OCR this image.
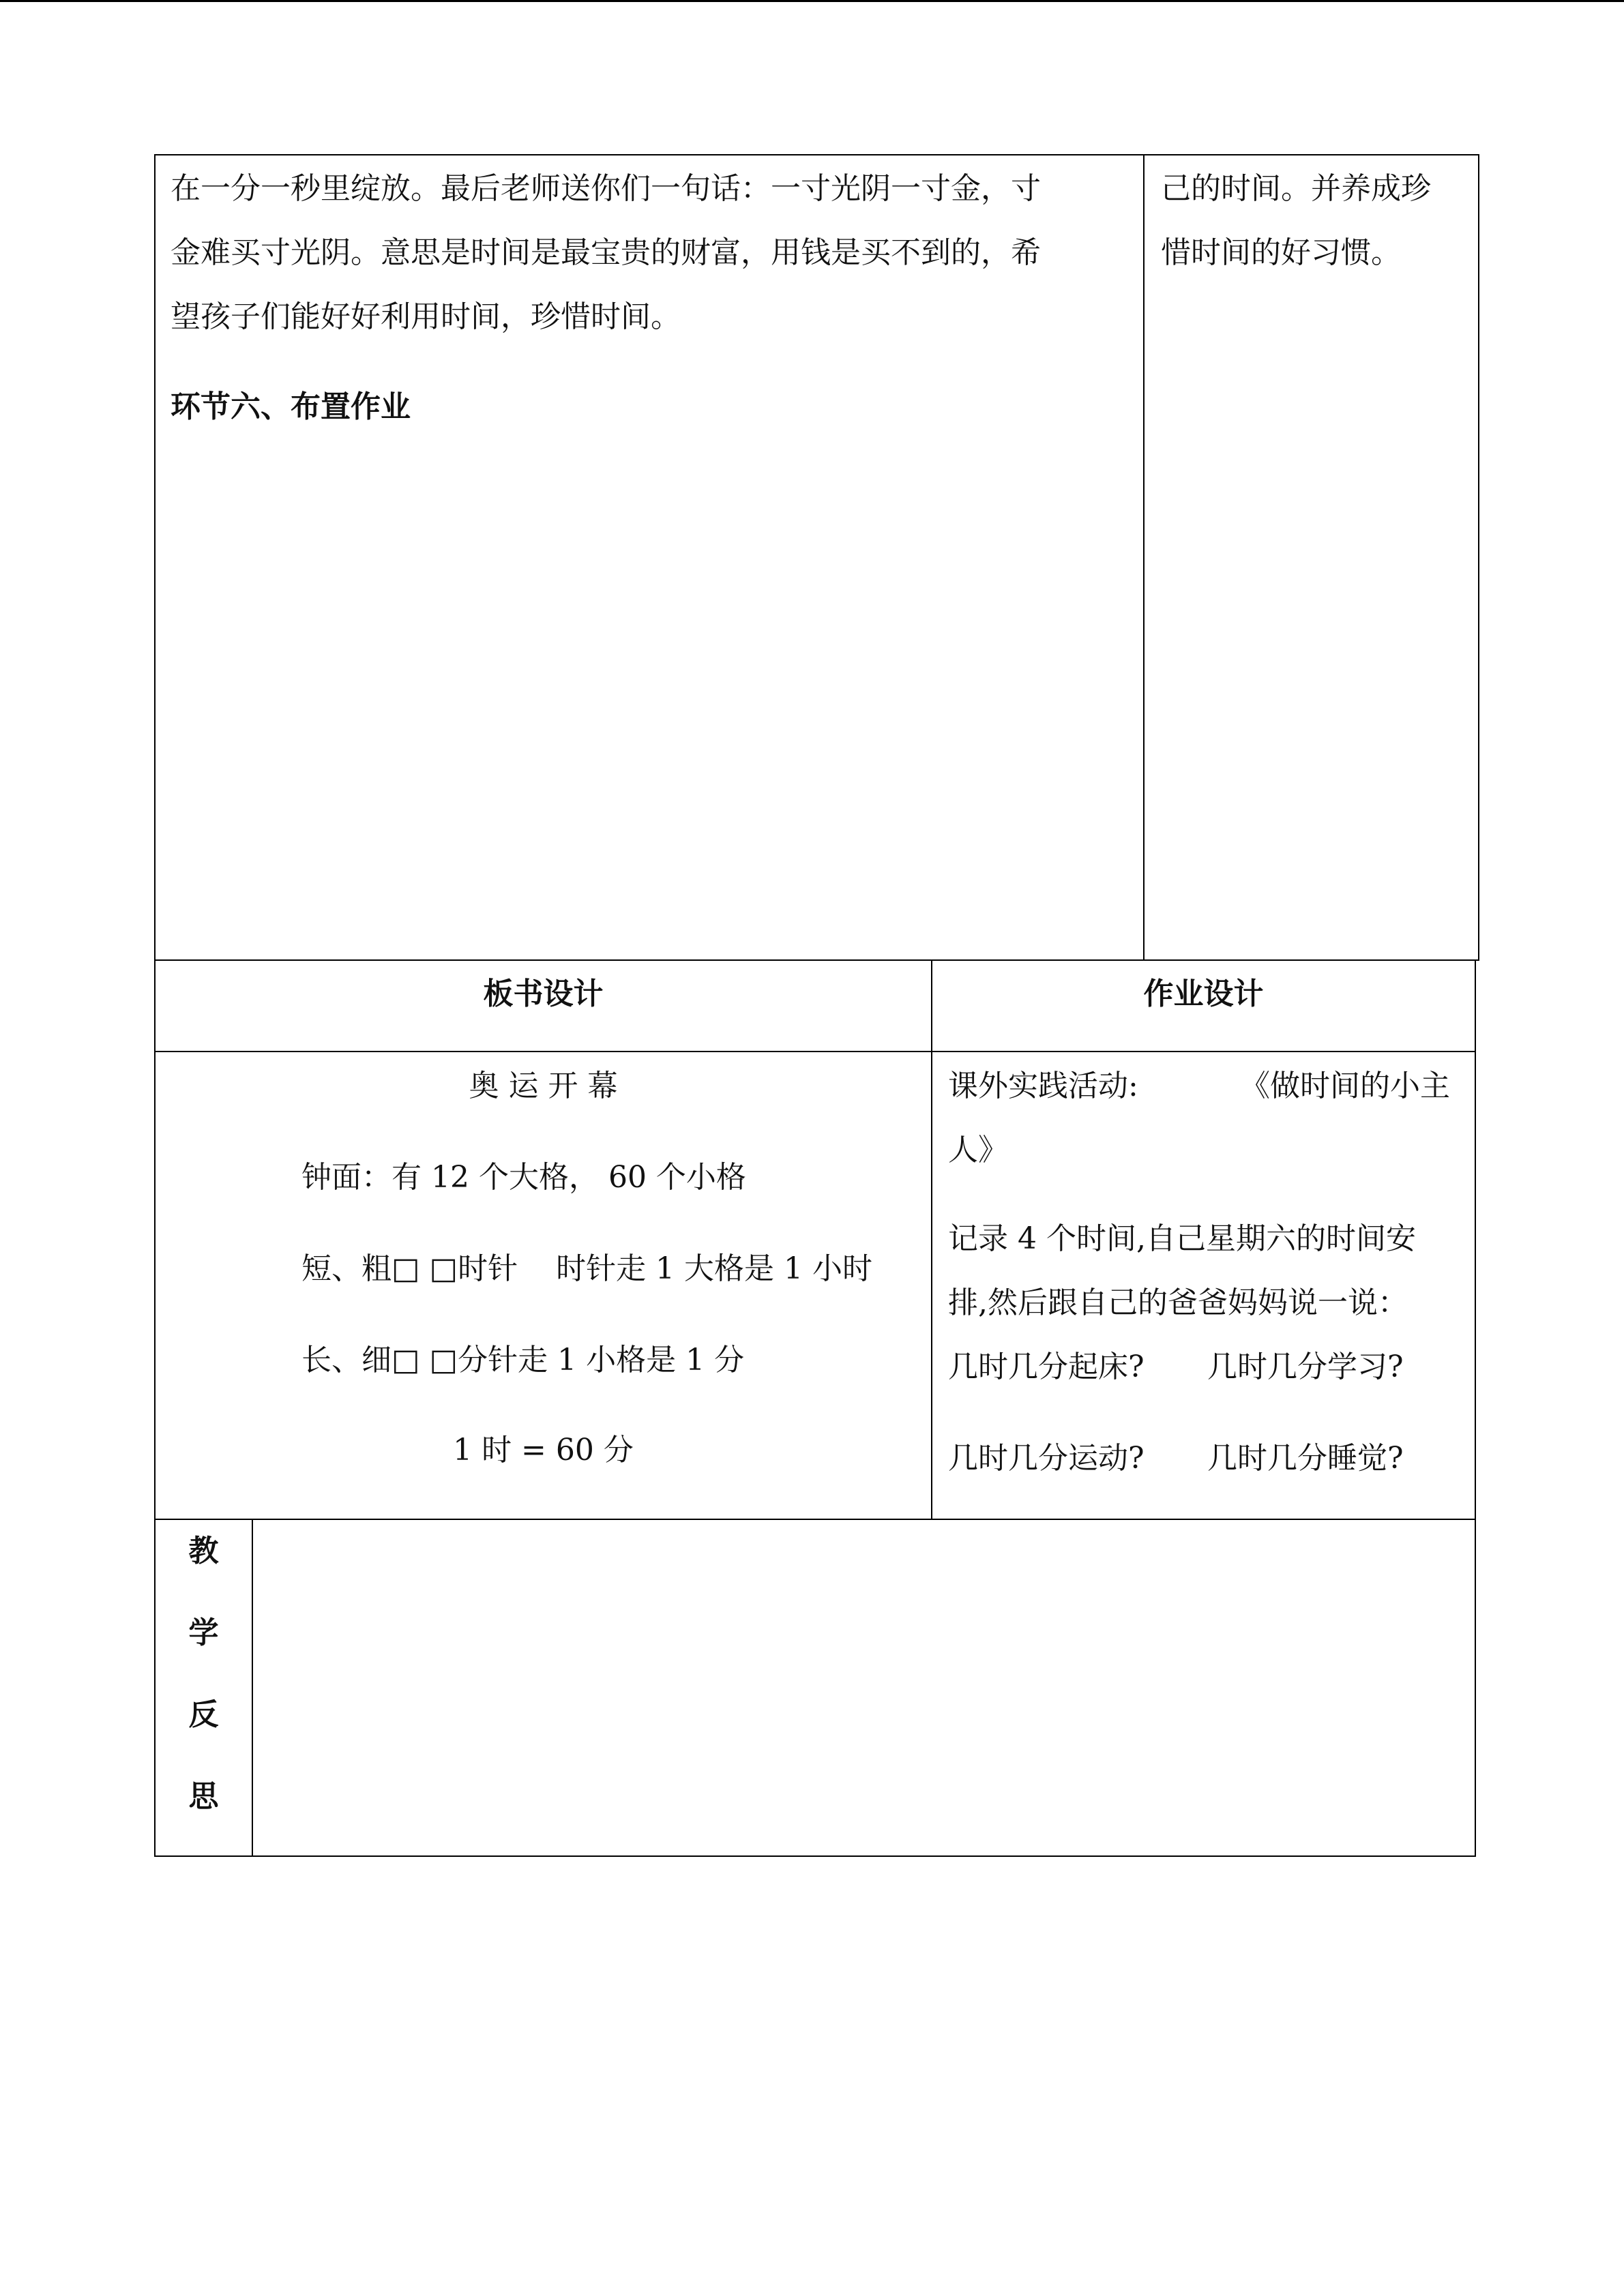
在一分一秒里绽放。最后老师送你们一句话：一寸光阴一寸金，寸
金难买寸光阴。意思是时间是最宝贵的财富，用钱是买不到的，希
望孩子们能好好利用时间，珍惜时间。
环节六、布置作业
己的时间。并养成珍
惜时间的好习惯。
板书设计	作业设计
奥 运 开 幕
钟面：有 12 个大格， 60 个小格
短、粗□ □时针    时针走 1 大格是 1 小时
长、细□ □分针走 1 小格是 1 分
1 时 = 60 分
课外实践活动:	《做时间的小主
人》
记录 4 个时间,自己星期六的时间安
排,然后跟自己的爸爸妈妈说一说：
几时几分起床? 几时几分学习?
几时几分运动? 几时几分睡觉?
教
学
反
思
